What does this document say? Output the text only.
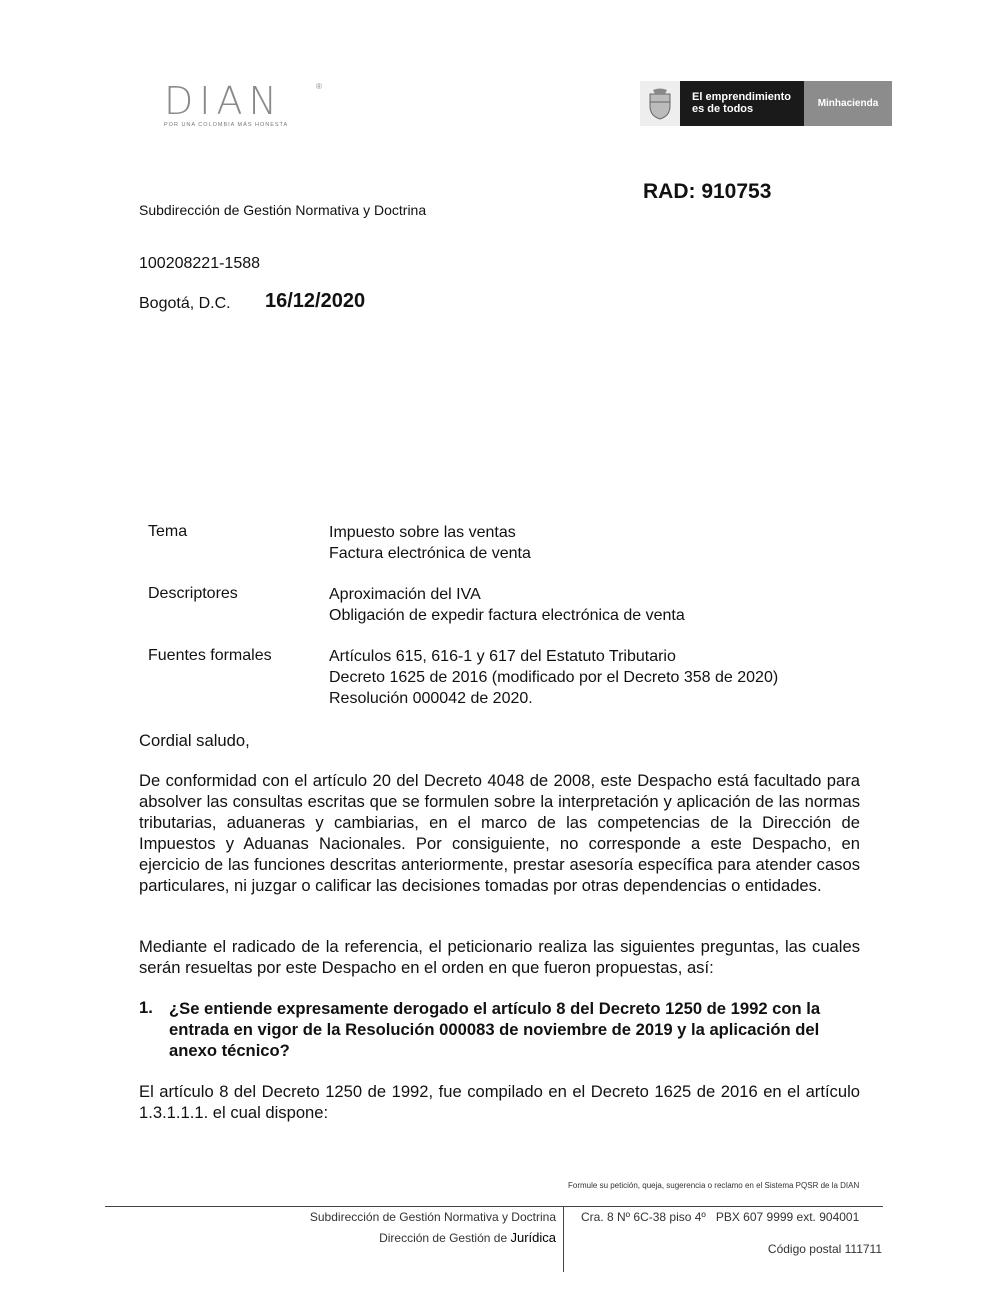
DIAN	®
POR UNA COLOMBIA MÁS HONESTA
El emprendimiento
es de todos	Minhacienda
RAD: 910753
Subdirección de Gestión Normativa y Doctrina
100208221-1588
Bogotá, D.C. 16/12/2020
Tema	Impuesto sobre las ventas
Factura electrónica de venta
Descriptores	Aproximación del IVA
Obligación de expedir factura electrónica de venta
Fuentes formales	Artículos 615, 616-1 y 617 del Estatuto Tributario
Decreto 1625 de 2016 (modificado por el Decreto 358 de 2020)
Resolución 000042 de 2020.
Cordial saludo,
De conformidad con el artículo 20 del Decreto 4048 de 2008, este Despacho está facultado para absolver las consultas escritas que se formulen sobre la interpretación y aplicación de las normas tributarias, aduaneras y cambiarias, en el marco de las competencias de la Dirección de Impuestos y Aduanas Nacionales. Por consiguiente, no corresponde a este Despacho, en ejercicio de las funciones descritas anteriormente, prestar asesoría específica para atender casos particulares, ni juzgar o calificar las decisiones tomadas por otras dependencias o entidades.
Mediante el radicado de la referencia, el peticionario realiza las siguientes preguntas, las cuales serán resueltas por este Despacho en el orden en que fueron propuestas, así:
1. ¿Se entiende expresamente derogado el artículo 8 del Decreto 1250 de 1992 con la entrada en vigor de la Resolución 000083 de noviembre de 2019 y la aplicación del anexo técnico?
El artículo 8 del Decreto 1250 de 1992, fue compilado en el Decreto 1625 de 2016 en el artículo 1.3.1.1.1. el cual dispone:
Formule su petición, queja, sugerencia o reclamo en el Sistema PQSR de la DIAN
Subdirección de Gestión Normativa y Doctrina
Dirección de Gestión de Jurídica
Cra. 8 Nº 6C-38 piso 4º   PBX 607 9999 ext. 904001
Código postal 111711
